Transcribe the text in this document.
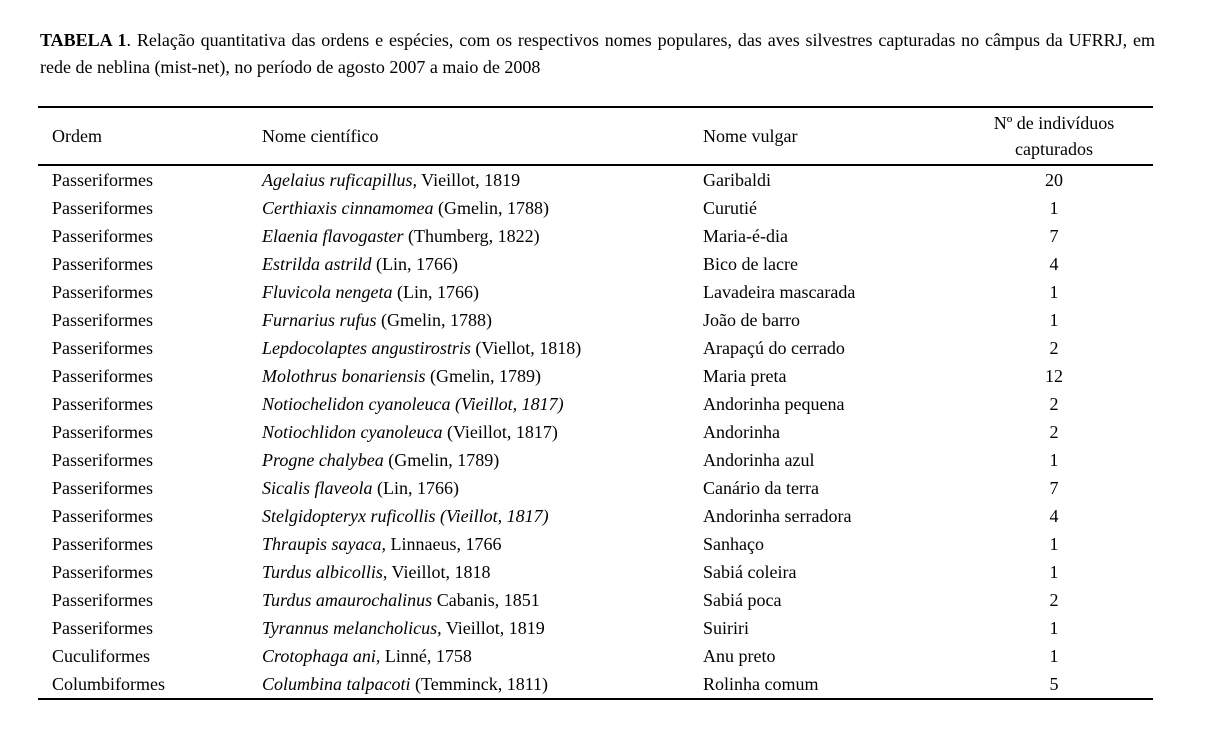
TABELA 1. Relação quantitativa das ordens e espécies, com os respectivos nomes populares, das aves silvestres capturadas no câmpus da UFRRJ, em rede de neblina (mist-net), no período de agosto 2007 a maio de 2008

Ordem	Nome científico	Nome vulgar	Nº de indivíduos capturados
Passeriformes	Agelaius ruficapillus, Vieillot, 1819	Garibaldi	20
Passeriformes	Certhiaxis cinnamomea (Gmelin, 1788)	Curutié	1
Passeriformes	Elaenia flavogaster (Thumberg, 1822)	Maria-é-dia	7
Passeriformes	Estrilda astrild (Lin, 1766)	Bico de lacre	4
Passeriformes	Fluvicola nengeta (Lin, 1766)	Lavadeira mascarada	1
Passeriformes	Furnarius rufus (Gmelin, 1788)	João de barro	1
Passeriformes	Lepdocolaptes angustirostris (Viellot, 1818)	Arapaçú do cerrado	2
Passeriformes	Molothrus bonariensis (Gmelin, 1789)	Maria preta	12
Passeriformes	Notiochelidon cyanoleuca (Vieillot, 1817)	Andorinha pequena	2
Passeriformes	Notiochlidon cyanoleuca (Vieillot, 1817)	Andorinha	2
Passeriformes	Progne chalybea (Gmelin, 1789)	Andorinha azul	1
Passeriformes	Sicalis flaveola (Lin, 1766)	Canário da terra	7
Passeriformes	Stelgidopteryx ruficollis (Vieillot, 1817)	Andorinha serradora	4
Passeriformes	Thraupis sayaca, Linnaeus, 1766	Sanhaço	1
Passeriformes	Turdus albicollis, Vieillot, 1818	Sabiá coleira	1
Passeriformes	Turdus amaurochalinus Cabanis, 1851	Sabiá poca	2
Passeriformes	Tyrannus melancholicus, Vieillot, 1819	Suiriri	1
Cuculiformes	Crotophaga ani, Linné, 1758	Anu preto	1
Columbiformes	Columbina talpacoti (Temminck, 1811)	Rolinha comum	5
